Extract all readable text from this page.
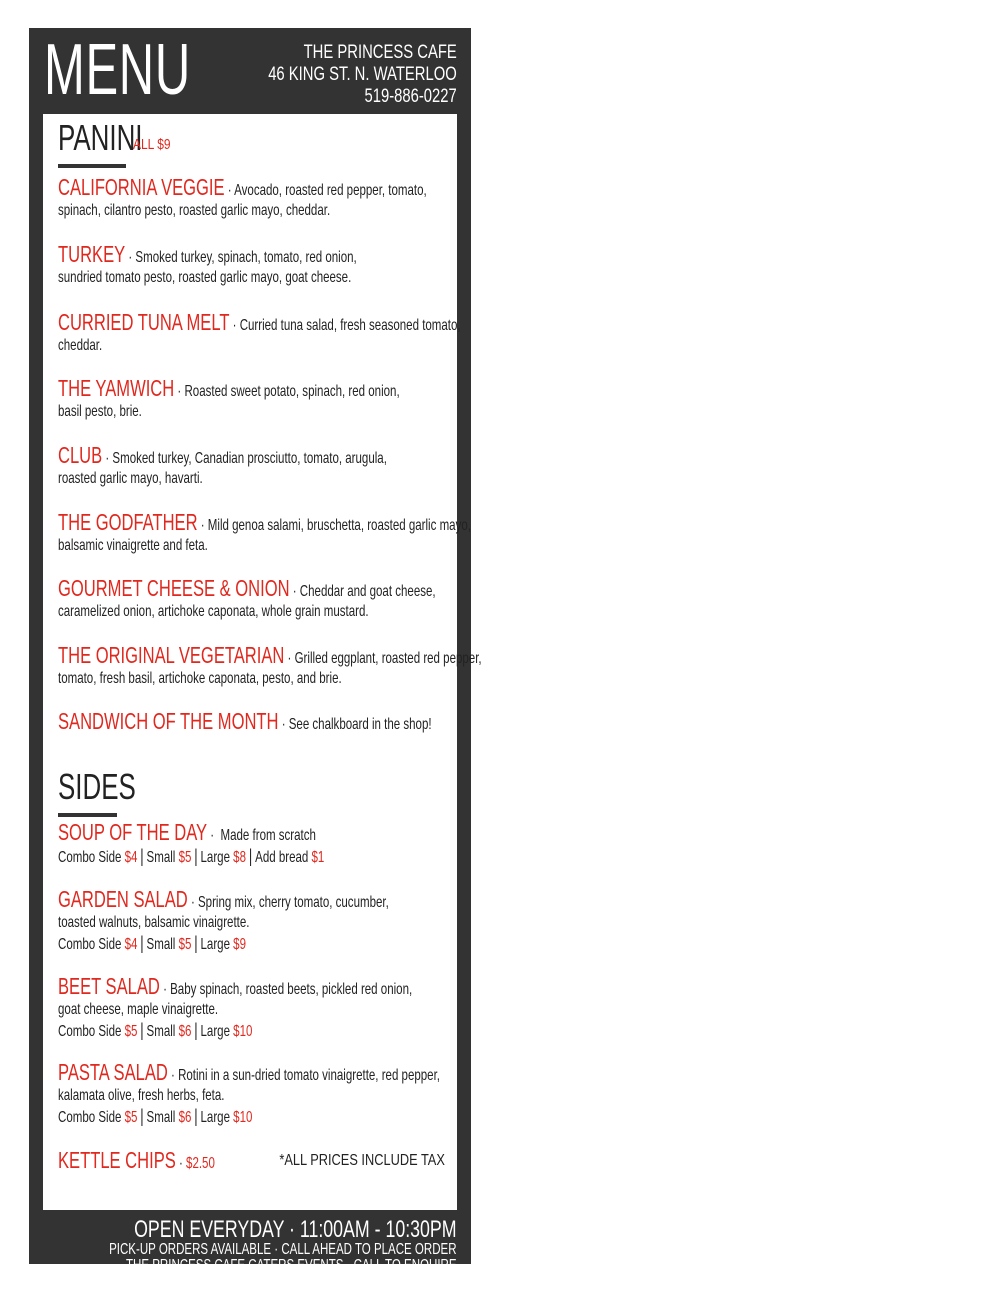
MENU	THE PRINCESS CAFE
46 KING ST. N. WATERLOO
519-886-0227
PANINI
ALL $9
CALIFORNIA VEGGIE · Avocado, roasted red pepper, tomato,
spinach, cilantro pesto, roasted garlic mayo, cheddar.
TURKEY · Smoked turkey, spinach, tomato, red onion,
sundried tomato pesto, roasted garlic mayo, goat cheese.
CURRIED TUNA MELT · Curried tuna salad, fresh seasoned tomato,
cheddar.
THE YAMWICH · Roasted sweet potato, spinach, red onion,
basil pesto, brie.
CLUB · Smoked turkey, Canadian prosciutto, tomato, arugula,
roasted garlic mayo, havarti.
THE GODFATHER · Mild genoa salami, bruschetta, roasted garlic mayo,
balsamic vinaigrette and feta.
GOURMET CHEESE & ONION · Cheddar and goat cheese,
caramelized onion, artichoke caponata, whole grain mustard.
THE ORIGINAL VEGETARIAN · Grilled eggplant, roasted red pepper,
tomato, fresh basil, artichoke caponata, pesto, and brie.
SANDWICH OF THE MONTH · See chalkboard in the shop!
SIDES
SOUP OF THE DAY ·  Made from scratch
Combo Side $4 | Small $5 | Large $8 | Add bread $1
GARDEN SALAD · Spring mix, cherry tomato, cucumber,
toasted walnuts, balsamic vinaigrette.
Combo Side $4 | Small $5 | Large $9
BEET SALAD · Baby spinach, roasted beets, pickled red onion,
goat cheese, maple vinaigrette.
Combo Side $5 | Small $6 | Large $10
PASTA SALAD · Rotini in a sun-dried tomato vinaigrette, red pepper,
kalamata olive, fresh herbs, feta.
Combo Side $5 | Small $6 | Large $10
KETTLE CHIPS · $2.50	*ALL PRICES INCLUDE TAX
OPEN EVERYDAY · 11:00AM - 10:30PM
PICK-UP ORDERS AVAILABLE · CALL AHEAD TO PLACE ORDER
THE PRINCESS CAFE CATERS EVENTS · CALL TO ENQUIRE
